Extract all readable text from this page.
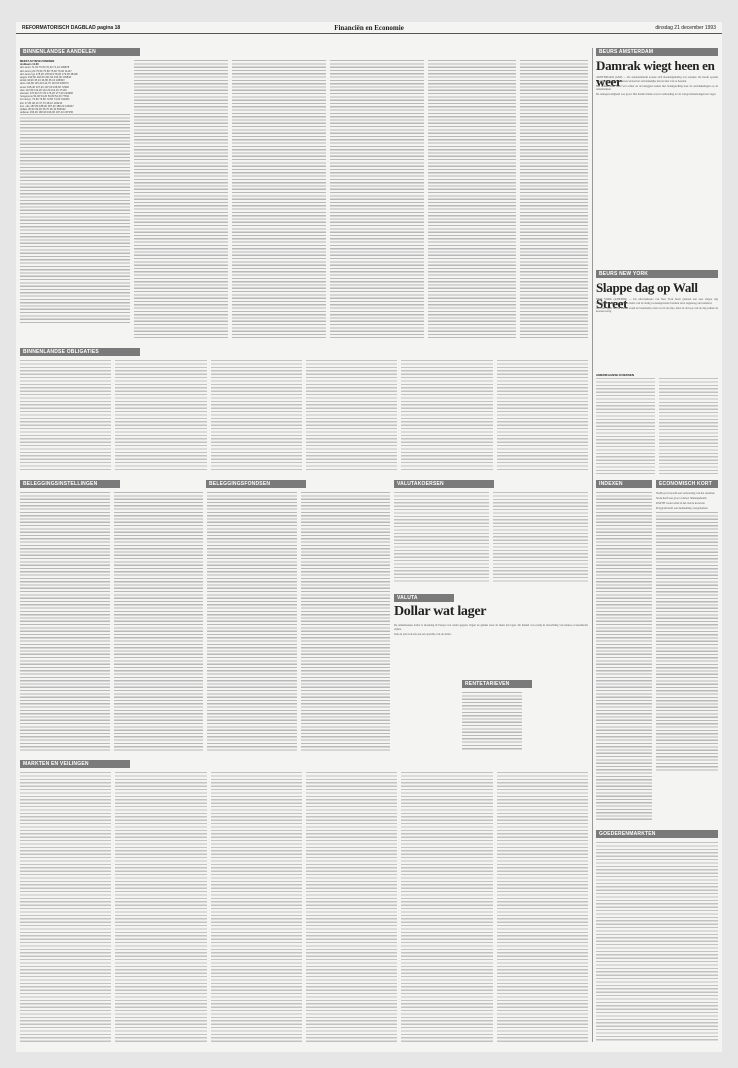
REFORMATORISCH DAGBLAD pagina 18	Financiën en Economie	dinsdag 21 december 1993
BINNENLANDSE AANDELEN
MEEST ACTIEVE FONDSEN
slotkoers 11.00
abn amro 71,00 70,50 70,40 71,10 409878
abn amro pfd 75,60 75,80 75,60 76,00 11147
abn amro lgn 178,00 178,90 178,00 179,00 48118
aegon 192,50 192,50 191,60 193,00 103810
ahold 44,90 45,10 44,80 45,10 108303
akzo 114,80 115,40 114,70 115,50 180073
amev 108,40 107,20 107,00 108,60 72990
dsm 112,50 113,00 112,20 113,10 17140
elsevier 176,90 177,00 176,20 177,20 224990
hoogovens 54,00 54,20 53,80 54,30 77811
int.ned.gr. 73,90 73,80 73,50 74,00 311064
klm 47,80 48,10 47,70 48,10 193210
kon. olie 187,80 188,00 187,20 188,20 416007
philips 35,90 36,00 35,70 36,10 564922
unilever 196,30 196,90 196,00 197,10 207150
BINNENLANDSE OBLIGATIES
BELEGGINGSINSTELLINGEN	BELEGGINGSFONDSEN	VALUTAKOERSEN
VALUTA
Dollar wat lager

De Amerikaanse dollar is maandag in Europa wat onder gegaan. Tegen de gulden sloot de munt iets lager. De handel was rustig in afwachting van nieuwe economische cijfers.

Ook de yen trok iets aan ten opzichte van de dollar.

RENTETARIEVEN
MARKTEN EN VEILINGEN
BEURS AMSTERDAM
Damrak wiegt heen en weer

AMSTERDAM (ANP) — De aandelenmarkt toonde zich maandagmiddag wat onzeker. De markt opende vriendelijk, maar de koersen wisten het aanvankelijke niveau niet vast te houden.

Het dollarniveau bleef wat achter en de beleggers keken met belangstelling naar de ontwikkelingen op de rentemarkten.

De rentegevoeligheid was groot. Het marktvolume was in verhouding tot de vorige handelsdagen iets lager.

BEURS NEW YORK
Slappe dag op Wall Street

NEW YORK (ANP/RTR) — De effectenbeurs van New York heeft gisteren een zeer slappe dag doorgemaakt. De Dow Jones-index van de dertig toonaangevende fondsen sloot nagenoeg onveranderd.

Aan het begin van de handel stond de beursindex even wat in de plus, maar in de loop van de dag zakten de koersen terug.

AMERIKAANSE KOERSEN
INDEXEN	ECONOMISCH KORT

Nedlloyd verwacht een verbetering van het resultaat.

Stork heeft een groot contract binnengehaald.

KNP BT boekt winst in het vierde kwartaal.

Polygram heeft een deelneming overgenomen.

GOEDERENMARKTEN
